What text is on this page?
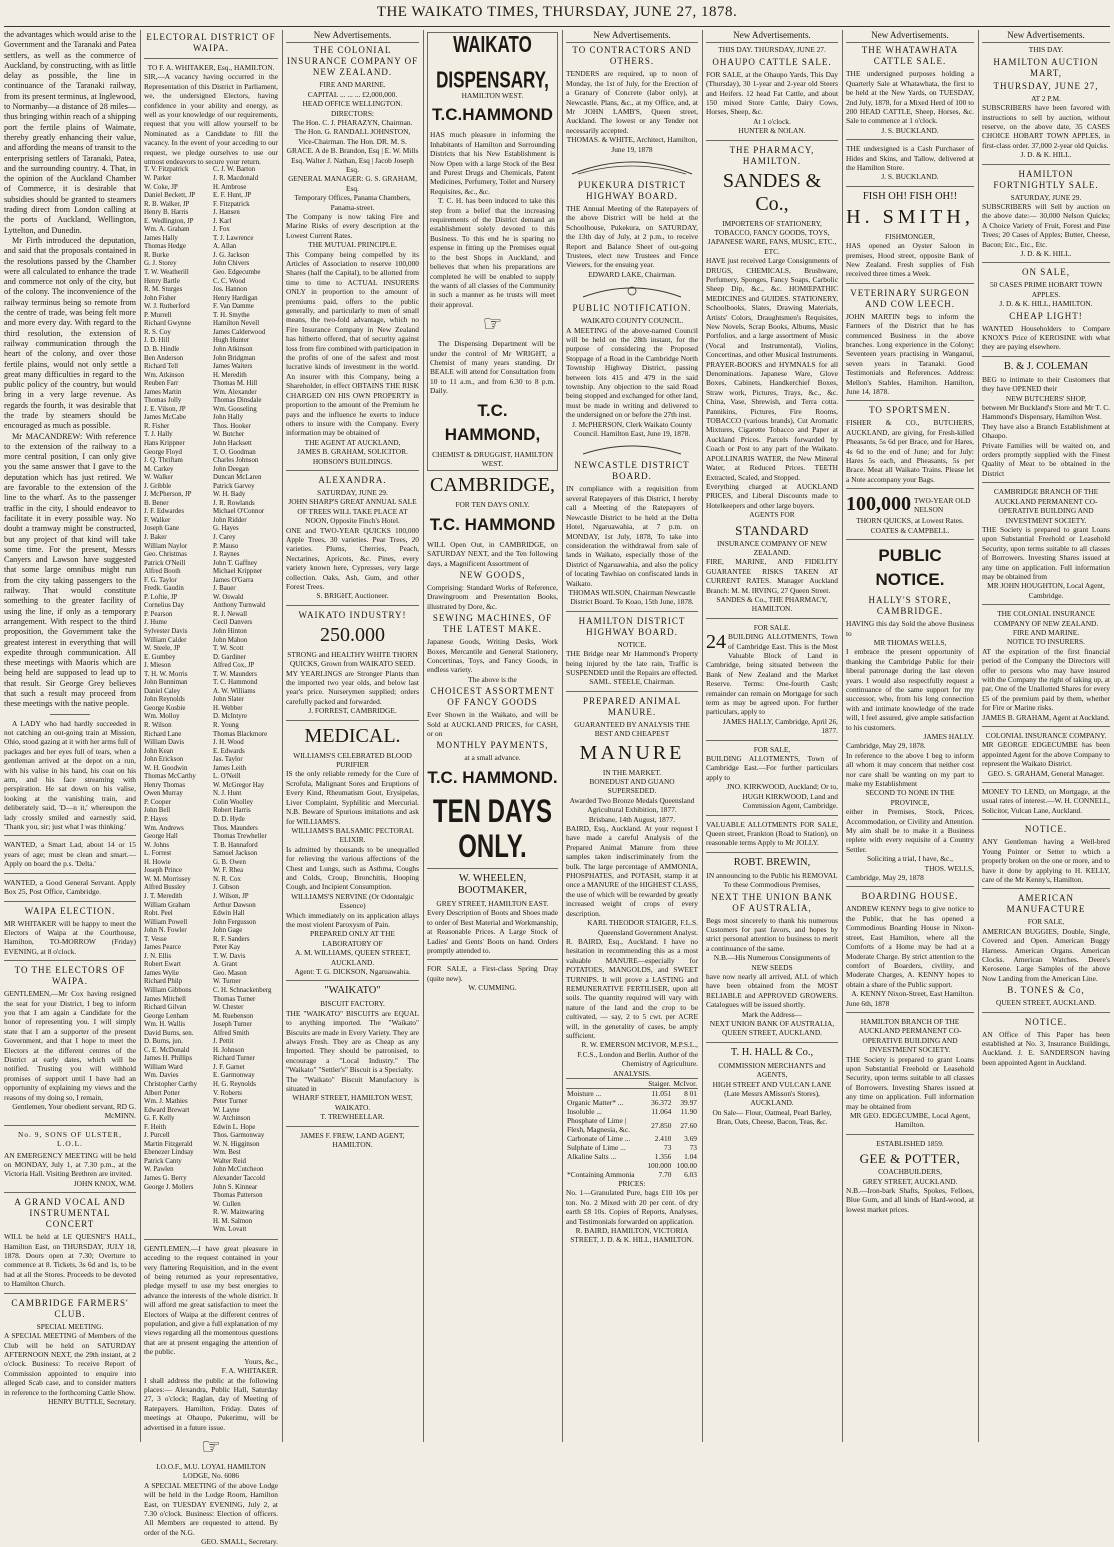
THE WAIKATO TIMES, THURSDAY, JUNE 27, 1878.

the advantages which would arise to the Government and the Taranaki and Patea settlers, as well as the commerce of Auckland, by constructing, with as little delay as possible, the line in continuance of the Taranaki railway, from its present terminus, at Inglewood, to Normanby—a distance of 28 miles—thus bringing within reach of a shipping port the fertile plains of Waimate, thereby greatly enhancing their value, and affording the means of transit to the enterprising settlers of Taranaki, Patea, and the surrounding country. 4. That, in the opinion of the Auckland Chamber of Commerce, it is desirable that subsidies should be granted to steamers trading direct from London calling at the ports of Auckland, Wellington, Lyttelton, and Dunedin.

Mr Firth introduced the deputation, and said that the proposals contained in the resolutions passed by the Chamber were all calculated to enhance the trade and commerce not only of the city, but of the colony. The inconvenience of the railway terminus being so remote from the centre of trade, was being felt more and more every day. With regard to the third resolution, the extension of railway communication through the heart of the colony, and over those fertile plains, would not only settle a great many difficulties in regard to the public policy of the country, but would bring in a very large revenue. As regards the fourth, it was desirable that the trade by steamers should be encouraged as much as possible.

Mr MACANDREW: With reference to the extension of the railway to a more central position, I can only give you the same answer that I gave to the deputation which has just retired. We are favorable to the extension of the line to the wharf. As to the passenger traffic in the city, I should endeavor to facilitate it in every possible way. No doubt a tramway might be constructed, but any project of that kind will take some time. For the present, Messrs Canyers and Lawson have suggested that some large omnibus might run from the city taking passengers to the railway. That would constitute something to the greater facility of using the line, if only as a temporary arrangement. With respect to the third proposition, the Government take the greatest interest in everything that will expedite through communication. All these meetings with Maoris which are being held are supposed to lead up to that result. Sir George Grey believes that such a result may proceed from these meetings with the native people.

A LADY who had hardly succeeded in not catching an out-going train at Mission, Ohio, stood gazing at it with her arms full of packages and her eyes full of tears, when a gentleman arrived at the depot on a run, with his valise in his hand, his coat on his arm, and his face streaming with perspiration. He sat down on his valise, looking at the vanishing train, and deliberately said, 'D—n it,' whereupon the lady crossly smiled and earnestly said, 'Thank you, sir; just what I was thinking.'

WANTED, a Smart Lad, about 14 or 15 years of age; must be clean and smart.—Apply on board the p.s. 'Delta.'

WANTED, a Good General Servant. Apply Box 25, Post Office, Cambridge.

WAIPA ELECTION.

MR WHITAKER will be happy to meet the Electors of Waipa at the Courthouse, Hamilton, TO-MORROW (Friday) EVENING, at 8 o'clock.

TO THE ELECTORS OF WAIPA.

GENTLEMEN,—Mr Cox having resigned the seat for your District, I beg to inform you that I am again a Candidate for the honor of representing you. I will simply state that I am a supporter of the present Government, and that I hope to meet the Electors at the different centres of the District at early dates, which will be notified. Trusting you will withhold promises of support until I have had an opportunity of explaining my views and the reasons of my doing so, I remain,

Gentlemen, Your obedient servant, RD G. McMINN.

No. 9, SONS OF ULSTER, L.O.L.

AN EMERGENCY MEETING will be held on MONDAY, July 1, at 7.30 p.m., at the Victoria Hall. Visiting Brethren are invited.

JOHN KNOX, W.M.

A GRAND VOCAL AND INSTRUMENTAL CONCERT

WILL be held at LE QUESNE'S HALL, Hamilton East, on THURSDAY, JULY 18, 1878. Doors open at 7.30; Overture to commence at 8. Tickets, 3s 6d and 1s, to be had at all the Stores. Proceeds to be devoted to Hamilton Church.

CAMBRIDGE FARMERS' CLUB.
SPECIAL MEETING.

A SPECIAL MEETING of Members of the Club will be held on SATURDAY AFTERNOON NEXT, the 29th instant, at 2 o'clock. Business: To receive Report of Commission appointed to enquire into alleged Scab case, and to consider matters in reference to the forthcoming Cattle Show.

HENRY BUTTLE, Secretary.

ELECTORAL DISTRICT OF WAIPA.
TO F. A. WHITAKER, Esq., HAMILTON.

SIR,—A vacancy having occurred in the Representation of this District in Parliament, we, the undersigned Electors, having confidence in your ability and energy, as well as your knowledge of our requirements, request that you will allow yourself to be Nominated as a Candidate to fill the vacancy. In the event of your acceding to our request, we pledge ourselves to use our utmost endeavors to secure your return.

T. V. Fitzpatrick
W. Parker
W. Coke, JP
Daniel Beckett, JP
R. B. Walker, JP
Henry B. Harris
E. Wedlington, JP
Wm. A. Graham
James Hally
Thomas Hedge
R. Burke
G. J. Storey
T. W. Weatherill
Henry Bartle
R. M. Sturges
John Fisher
W. J. Rutherford
P. Murrell
Richard Gwynne
R. S. Coy
J. D. Hill
D. B. Hindle
Ben Anderson
Richard Tell
Wm. Atkinson
Reuben Farr
James Martin
Thomas Jolly
J. E. Vilson, JP
James McCabe
R. Fisher
T. J. Hally
Hans Krippner
George Floyd
J. Q. Thriftam
M. Carkey
W. Walker
J. Gribble
J. McPherson, JP
B. Bener
J. F. Edwardes
F. Walker
Joseph Gane
J. Baker
William Naylor
Geo. Christmas
Patrick O'Neill
Alfred Booth
F. G. Taylor
Fredk. Gaudin
P. Loftie, JP
Cornelius Day
P. Pearson
J. Hume
Sylvester Davis
William Calder
W. Steele, JP
E. Gumbey
J. Mieson
T. H. W. Morris
John Bunniman
Daniel Caley
John Reynolds
George Kosbie
Wm. Molloy
R. Wilson
Richard Lane
William Davis
John Kean
John Erickson
W. H. Goodwin
Thomas McCarthy
Henry Thomas
Owen Murray
P. Cooper
John Bell
P. Hayes
Wm. Andrews
George Hall
W. Johns
L. Forrest
H. Howie
Joseph Prince
W. M. Morrissey
Alfred Bussley
J. T. Meredith
William Graham
Robt. Peel
William Powell
John N. Fowler
T. Vesse
James Pearce
J. N. Ellis
Robert Ewart
James Wylie
Richard Philp
William Gibbons
James Mitchell
Richard Gilvan
George Lenham
Wm. H. Wallis
David Burns, sen.
D. Burns, jun.
C. E. McDonald
James H. Phillips
William Ward
Wm. Davies
Christopher Carthy
Albert Potter
Wm. J. Mathies
Edward Brewart
G. F. Kelly
F. Heith
J. Purcell
Martin Fitzgerald
Ebenezer Lindsay
Patrick Canty
W. Pawlen
James G. Berry
George J. Mollers
C. J. W. Barton
J. R. Macdonald
H. Ambrose
E. F. Hunt, JP
F. Fitzpatrick
J. Hansen
J. Karl
J. Fox
T. J. Lawrence
A. Allan
J. G. Jackson
John Chivers
Geo. Edgecumbe
C. C. Wood
Jos. Hannon
Henry Hardigan
F. Van Damme
T. H. Smythe
Hamilton Nevell
James Calderwood
Hugh Hunter
John Atkinson
John Bridgman
James Waiters
H. Meredith
Thomas M. Hill
Wm. Alexander
Thomas Dinsdale
Wm. Gooseling
John Hally
Thos. Hooker
W. Butcher
John Hacksett
T. O. Goodman
Charles Johnson
John Deegan
Duncan McLaren
Patrick Garvey
W. H. Bady
J. R. Rowlands
Michael O'Connor
John Ridder
G. Hayes
J. Carey
P. Mauso
J. Raynes
John T. Gaffney
Michael Krippner
James O'Garra
J. Bauer
W. Oswald
Anthony Turnwald
R. J. Newall
Cecil Danvers
John Hinton
John Mahon
T. W. Scott
D. Gardiner
Alfred Cox, JP
T. W. Maunders
T. C. Hammond
A. W. Williams
John Slater
H. Webber
D. McIntyre
R. Young
Thomas Blackmore
J. H. Wood
E. Edwards
Jas. Taylor
James Leith
L. O'Neill
W. McGregor Hay
N. J. Hunt
Colin Woolley
Robert Harris
D. D. Hyde
Thos. Maunders
Thomas Trewheller
T. B. Hannaford
Samuel Jackson
G. B. Owen
W. F. Rhea
N. R. Cox
J. Gibson
J. Wilson, JP
Arthur Dawson
Edwin Hall
John Fergusson
John Gage
R. F. Sanders
Peter Kay
T. W. Davis
A. Grant
Geo. Mason
W. Turner
C. H. Schnackenberg
Thomas Turner
W. Chester
M. Ruebenson
Joseph Turner
Alfred Smith
J. Pettit
H. Johnson
Richard Turner
J. F. Garnet
E. Garmonway
H. G. Reynolds
V. Roberts
Peter Turner
W. Layne
W. Atchinson
Edwin L. Hope
Thos. Garmonway
W. N. Higginson
Wm. Best
Walter Reid
John McCutcheon
Alexander Taccold
John S. Kinnear
Thomas Patterson
W. Cullen
R. W. Mainwaring
H. M. Salmon
Wm. Lovatt

GENTLEMEN,—I have great pleasure in acceding to the request contained in your very flattering Requisition, and in the event of being returned as your representative, pledge myself to use my best energies to advance the interests of the whole district. It will afford me great satisfaction to meet the Electors of Waipa at the different centres of population, and give a full explanation of my views regarding all the momentous questions that are at present engaging the attention of the public.

Yours, &c.,

F. A. WHITAKER.

I shall address the public at the following places:— Alexandra, Public Hall, Saturday 27, 3 o'clock; Raglan, day of Meeting of Ratepayers. Hamilton, Friday. Dates of meetings at Ohaupo, Pukerimu, will be advertised in a future issue.

☞
I.O.O.F., M.U. LOYAL HAMILTON LODGE, No. 6086

A SPECIAL MEETING of the above Lodge will be held in the Lodge Room, Hamilton East, on TUESDAY EVENING, July 2, at 7.30 o'clock. Business: Election of officers. All Members are requested to attend. By order of the N.G.

GEO. SMALL, Secretary.

New Advertisements.
THE COLONIAL INSURANCE COMPANY OF NEW ZEALAND.
FIRE AND MARINE.
CAPITAL ... ... ... £2,000,000.
HEAD OFFICE WELLINGTON.
DIRECTORS:

The Hon. C. J. PHARAZYN, Chairman. The Hon. G. RANDALL JOHNSTON, Vice-Chairman. The Hon. DR. M. S. GRACE. A de B. Brandon, Esq | E. W. Mills Esq. Walter J. Nathan, Esq | Jacob Joseph Esq.

GENERAL MANAGER: G. S. GRAHAM, Esq.

Temporary Offices, Panama Chambers, Panama-street.

The Company is now taking Fire and Marine Risks of every description at the Lowest Current Rates.

THE MUTUAL PRINCIPLE.

This Company being compelled by its Articles of Association to reserve 100,000 Shares (half the Capital), to be allotted from time to time to ACTUAL INSURERS ONLY in proportion to the amount of premiums paid, offers to the public generally, and particularly to men of small means, the two-fold advantage, which no Fire Insurance Company in New Zealand has hitherto offered, that of security against loss from fire combined with participation in the profits of one of the safest and most lucrative kinds of investment in the world. An insurer with this Company, being a Shareholder, in effect OBTAINS THE RISK CHARGED ON HIS OWN PROPERTY in proportion to the amount of the Premium he pays and the influence he exerts to induce others to insure with the Company. Every information may be obtained of

THE AGENT AT AUCKLAND,
JAMES B. GRAHAM, SOLICITOR.
HOBSON'S BUILDINGS.
ALEXANDRA.
SATURDAY, JUNE 29.

JOHN SHARP'S GREAT ANNUAL SALE OF TREES WILL TAKE PLACE AT NOON, Opposite Finch's Hotel.

ONE and TWO-YEAR QUICKS 100,000 Apple Trees, 30 varieties. Pear Trees, 20 varieties. Plums, Cherries, Peach, Nectarines, Apricots, &c. Pines, every variety known here, Cypresses, very large collection. Oaks, Ash, Gum, and other Forest Trees.

S. BRIGHT, Auctioneer.
WAIKATO INDUSTRY!
250.000
STRONG and HEALTHY WHITE THORN QUICKS, Grown from WAIKATO SEED.

MY YEARLINGS are Stronger Plants than the imported two year olds, and below last year's price. Nurserymen supplied; orders carefully packed and forwarded.

J. FORREST, CAMBRIDGE.
MEDICAL.
WILLIAMS'S CELEBRATED BLOOD PURIFIER

IS the only reliable remedy for the Cure of Scrofula, Malignant Sores and Eruptions of Every Kind, Rheumatism Gout, Erysipelas, Liver Complaint, Syphilitic and Mercurial. N.B. Beware of Spurious imitations and ask for WILLIAMS'S.

WILLIAMS'S BALSAMIC PECTORAL ELIXIR.

Is admitted by thousands to be unequalled for relieving the various affections of the Chest and Lungs, such as Asthma, Coughs and Colds, Croup, Bronchitis, Hooping Cough, and Incipient Consumption.

WILLIAMS'S NERVINE (Or Odontalgic Essence)

Which immediately on its application allays the most violent Paroxysm of Pain.

PREPARED ONLY AT THE LABORATORY OF
A. M. WILLIAMS, QUEEN STREET, AUCKLAND.
Agent: T. G. DICKSON, Ngaruawahia.
"WAIKATO"
BISCUIT FACTORY.

THE "WAIKATO" BISCUITS are EQUAL to anything imported. The "Waikato" Biscuits are made in Every Variety. They are always Fresh. They are as Cheap as any Imported. They should be patronised, to encourage a "Local Industry." The "Waikato" "Settler's" Biscuit is a Specialty.

The "Waikato" Biscuit Manufactory is situated in

WHARF STREET, HAMILTON WEST, WAIKATO.
T. TREWHEELLAR.
JAMES F. FREW, LAND AGENT, HAMILTON.
WAIKATO DISPENSARY,
HAMILTON WEST.
T.C.HAMMOND

HAS much pleasure in informing the Inhabitants of Hamilton and Surrounding Districts that his New Establishment is Now Open with a large Stock of the Best and Purest Drugs and Chemicals, Patent Medicines, Perfumery, Toilet and Nursery Requisites, &c., &c.

T. C. H. has been induced to take this step from a belief that the increasing requirements of the District demand an establishment solely devoted to this Business. To this end he is sparing no expense in fitting up the Premises equal to the best Shops in Auckland, and believes that when his preparations are completed he will be enabled to supply the wants of all classes of the Community in such a manner as he trusts will meet their approval.

☞

The Dispensing Department will be under the control of Mr WRIGHT, a Chemist of many years standing. Dr BEALE will attend for Consultation from 10 to 11 a.m., and from 6.30 to 8 p.m. Daily.

T.C. HAMMOND,
CHEMIST & DRUGGIST, HAMILTON WEST.
CAMBRIDGE,
FOR TEN DAYS ONLY.
T.C. HAMMOND

WILL Open Out, in CAMBRIDGE, on SATURDAY NEXT, and the Ten following days, a Magnificent Assortment of

NEW GOODS,

Comprising: Standard Works of Reference, Drawingroom and Presentation Books, illustrated by Dore, &c.

SEWING MACHINES, OF THE LATEST MAKE.

Japanese Goods, Writing Desks, Work Boxes, Mercantile and General Stationery, Concertinas, Toys, and Fancy Goods, in endless variety.

The above is the
CHOICEST ASSORTMENT OF FANCY GOODS

Ever Shown in the Waikato, and will be Sold at AUCKLAND PRICES, for CASH, or on

MONTHLY PAYMENTS,
at a small advance.
T.C. HAMMOND.
TEN DAYS ONLY.
W. WHEELEN, BOOTMAKER,
GREY STREET, HAMILTON EAST.

Every Description of Boots and Shoes made to order of Best Material and Workmanship, at Reasonable Prices. A Large Stock of Ladies' and Gents' Boots on hand. Orders promptly attended to.

FOR SALE, a First-class Spring Dray (quite new).

W. CUMMING.
New Advertisements.
TO CONTRACTORS AND OTHERS.

TENDERS are required, up to noon of Monday, the 1st of July, for the Erection of a Granary of Concrete (labor only), at Newcastle. Plans, &c., at my Office, and, at Mr JOHN LAMB'S, Queen street, Auckland. The lowest or any Tender not necessarily accepted.

THOMAS. & WHITE, Architect, Hamilton, June 19, 1878
PUKEKURA DISTRICT HIGHWAY BOARD.

THE Annual Meeting of the Ratepayers of the above District will be held at the Schoolhouse, Pukekura, on SATURDAY, the 13th day of July, at 2 p.m., to receive Report and Balance Sheet of out-going Trustees, elect new Trustees and Fence Viewers, for the ensuing year.

EDWARD LAKE, Chairman.
PUBLIC NOTIFICATION.
WAIKATO COUNTY COUNCIL.

A MEETING of the above-named Council will be held on the 28th instant, for the purpose of considering the Proposed Stoppage of a Road in the Cambridge North Township Highway District, passing between lots 415 and 479 in the said township. Any objection to the said Road being stopped and exchanged for other land, must be made in writing and delivered to the undersigned on or before the 27th inst.

J. McPHERSON, Clerk Waikato County Council. Hamilton East, June 19, 1878.
NEWCASTLE DISTRICT BOARD.

IN compliance with a requisition from several Ratepayers of this District, I hereby call a Meeting of the Ratepayers of Newcastle District to be held at the Delta Hotel, Ngaruawahia, at 7 p.m. on MONDAY, 1st July, 1878, To take into consideration the withdrawal from sale of lands in Waikato, especially those of the District of Ngaruawahia, and also the policy of locating Tawhiao on confiscated lands in Waikato.

THOMAS WILSON, Chairman Newcastle District Board. Te Koao, 15th June, 1878.
HAMILTON DISTRICT HIGHWAY BOARD.
NOTICE.

THE Bridge near Mr Hammond's Property being injured by the late rain, Traffic is SUSPENDED until the Repairs are effected.

SAML. STEELE, Chairman.
PREPARED ANIMAL MANURE.
GUARANTEED BY ANALYSIS THE BEST AND CHEAPEST
MANURE
IN THE MARKET.
BONEDUST AND GUANO SUPERSEDED.

Awarded Two Bronze Medals Queensland Agricultural Exhibition, 1877.

Brisbane, 14th August, 1877.

BAIRD, Esq., Auckland. At your request I have made a careful Analysis of the Prepared Animal Manure from three samples taken indiscriminately from the bulk. The large percentage of AMMONIA, PHOSPHATES, and POTASH, stamp it at once a MANURE of the HIGHEST CLASS, the use of which will be rewarded by greatly increased weight of crops of every description.

KARL THEODOR STAIGER, F.L.S. Queensland Government Analyst.

R. BAIRD, Esq., Auckland. I have no hesitation in recommending this as a most valuable MANURE—especially for POTATOES, MANGOLDS, and SWEET TURNIPS. It will prove a LASTING and REMUNERATIVE FERTILISER, upon all soils. The quantity required will vary with nature of the land and the crop to be cultivated, — say, 2 to 5 cwt. per ACRE will, in the generality of cases, be amply sufficient.

R. W. EMERSON MCIVOR, M.P.S.L., F.C.S., London and Berlin. Author of the Chemistry of Agriculture.

ANALYSIS.
	Staiger.	McIvor.
Moisture ...	11.051	8 01
Organic Matter* ...	36.372	39.97
Insoluble ...	11.064	11.90
Phosphate of Lime | Flesh, Magnesia, &c.	27.850	27.60
Carbonate of Lime ...	2.410	3.69
Sulphate of Lime ...	73	73
Alkaline Salts ...	1.356	1.04
	100.000	100.00
*Containing Ammonia	7.70	6.03
PRICES:

No. 1—Granulated Pure, bags £10 10s per ton. No. 2 Mixed with 20 per cent. of dry earth £8 10s. Copies of Reports, Analyses, and Testimonials forwarded on application.

R. BAIRD, HAMILTON, VICTORIA STREET, J. D. & K. HILL, HAMILTON.
New Advertisements.
THIS DAY. THURSDAY, JUNE 27.
OHAUPO CATTLE SALE.

FOR SALE, at the Ohaupo Yards, This Day (Thursday), 30 1-year and 2-year old Steers and Heifers. 12 head Fat Cattle, and about 150 mixed Store Cattle, Dairy Cows, Horses, Sheep, &c.

At 1 o'clock.
HUNTER & NOLAN.
THE PHARMACY, HAMILTON.
SANDES & Co.,

IMPORTERS OF STATIONERY, TOBACCO, FANCY GOODS, TOYS, JAPANESE WARE, FANS, MUSIC, ETC., ETC.

HAVE just received Large Consignments of DRUGS, CHEMICALS, Brushware, Perfumery, Sponges, Fancy Soaps, Carbolic Sheep Dip, &c., &c. HOMŒPATHIC MEDICINES and GUIDES. STATIONERY, Schoolbooks, Slates, Drawing Materials, Artists' Colors, Draughtsmen's Requisites, New Novels, Scrap Books, Albums, Music Portfolios, and a large assortment of Music (Vocal and Instrumental), Violins, Concertinas, and other Musical Instruments. PRAYER-BOOKS and HYMNALS for all Denominations. Japanese Ware, Glove Boxes, Cabinets, Handkerchief Boxes, Straw work, Pictures, Trays, &c., &c. China, Vase, Shrewish, and Terra cotta. Pannikins, Pictures, Fire Rooms, TOBACCO (various brands), Cut Aromatic Mixtures, Cigarette Tobacco and Paper at Auckland Prices. Parcels forwarded by Coach or Post to any part of the Waikato. APOLLINARIS WATER, the New Mineral Water, at Reduced Prices. TEETH Extracted, Scaled, and Stopped.

Everything charged at AUCKLAND PRICES, and Liberal Discounts made to Hotelkeepers and other large buyers.

AGENTS FOR
STANDARD
INSURANCE COMPANY OF NEW ZEALAND.

FIRE, MARINE, AND FIDELITY GUARANTEE RISKS TAKEN AT CURRENT RATES. Manager Auckland Branch: M. M. IRVING, 27 Queen Street.

SANDES & Co., THE PHARMACY, HAMILTON.
FOR SALE.
24 BUILDING ALLOTMENTS, Town of Cambridge East. This is the Most Valuable Block of Land in Cambridge, being situated between the Bank of New Zealand and the Market Reserve. Terms: One-fourth Cash; remainder can remain on Mortgage for such term as may be agreed upon. For further particulars, apply to

JAMES HALLY, Cambridge, April 26, 1877.

FOR SALE,

BUILDING ALLOTMENTS, Town of Cambridge East.—For further particulars apply to

JNO. KIRKWOOD, Auckland; Or to, HUGH KIRKWOOD, Land and Commission Agent, Cambridge.

VALUABLE ALLOTMENTS FOR SALE, Queen street, Frankton (Road to Station), on reasonable terms Apply to Mr JOLLY.

ROBT. BREWIN,

IN announcing to the Public his REMOVAL

To these Commodious Premises,
NEXT THE UNION BANK OF AUSTRALIA,

Begs most sincerely to thank his numerous Customers for past favors, and hopes by strict personal attention to business to merit a continuance of the same.

N.B.—His Numerous Consignments of NEW SEEDS

have now nearly all arrived, ALL of which have been obtained from the MOST RELIABLE and APPROVED GROWERS. Catalogues will be issued shortly.

Mark the Address—
NEXT UNION BANK OF AUSTRALIA, QUEEN STREET, AUCKLAND.
T. H. HALL & Co.,
COMMISSION MERCHANTS and AGENTS,

HIGH STREET AND VULCAN LANE (Late Messrs AMisson's Stores), AUCKLAND.

On Sale— Flour, Oatmeal, Pearl Barley, Bran, Oats, Cheese, Bacon, Teas, &c.

New Advertisements.
THE WHATAWHATA CATTLE SALE.

THE undersigned purposes holding a Quarterly Sale at Whatawhata, the first to be held at the New Yards, on TUESDAY, 2nd July, 1878, for a Mixed Herd of 100 to 200 HEAD CATTLE, Sheep, Horses, &c. Sale to commence at 1 o'clock.

J. S. BUCKLAND.

THE undersigned is a Cash Purchaser of Hides and Skins, and Tallow, delivered at the Hamilton Store.

J. S. BUCKLAND.
FISH OH! FISH OH!!
H. SMITH,
FISHMONGER,

HAS opened an Oyster Saloon in premises, Hood street, opposite Bank of New Zealand. Fresh supplies of Fish received three times a Week.

VETERINARY SURGEON AND COW LEECH.

JOHN MARTIN begs to inform the Farmers of the District that he has commenced Business in the above branches. Long experience in the Colony; Seventeen years practising in Wanganui, seven years in Taranaki. Good Testimonials and References. Address: Mellon's Stables, Hamilton. Hamilton, June 14, 1878.

TO SPORTSMEN.

FISHER & CO., BUTCHERS, AUCKLAND, are giving, for Fresh-killed Pheasants, 5s 6d per Brace, and for Hares, 4s 6d to the end of June; and for July: Hares 5s each, and Pheasants, 5s per Brace. Meat all Waikato Trains. Please let a Note accompany your Bags.

100,000 TWO-YEAR OLD NELSON
THORN QUICKS, at Lowest Rates.
COATES & CAMPBELL.
PUBLIC NOTICE.
HALLY'S STORE, CAMBRIDGE.

HAVING this day Sold the above Business to

MR THOMAS WELLS,

I embrace the present opportunity of thanking the Cambridge Public for their liberal patronage during the last eleven years. I would also respectfully request a continuance of the same support for my successor, who, from his long connection with and intimate knowledge of the trade will, I feel assured, give ample satisfaction to his customers.

JAMES HALLY.
Cambridge, May 29, 1878.

In reference to the above I beg to inform all whom it may concern that neither cost nor care shall be wanting on my part to make my Establishment

SECOND TO NONE IN THE PROVINCE,

either in Premises, Stock, Prices, Accommodation, or Civility and Attention. My aim shall be to make it a Business replete with every requisite of a Country Settler.

Soliciting a trial, I have, &c.,
THOS. WELLS,
Cambridge, May 29, 1878
BOARDING HOUSE.

ANDREW KENNY begs to give notice to the Public, that he has opened a Commodious Boarding House in Nixon-street, East Hamilton, where all the Comforts of a Home may be had at a Moderate Charge. By strict attention to the comfort of Boarders, civility, and Moderate Charges, A. KENNY hopes to obtain a share of the Public support.

A. KENNY Nixon-Street, East Hamilton.
June 6th, 1878

HAMILTON BRANCH OF THE AUCKLAND PERMANENT CO-OPERATIVE BUILDING AND INVESTMENT SOCIETY.

THE Society is prepared to grant Loans upon Substantial Freehold or Leasehold Security, upon terms suitable to all classes of Borrowers. Investing Shares issued at any time on application. Full information may be obtained from

MR GEO. EDGECUMBE, Local Agent, Hamilton.
ESTABLISHED 1859.
GEE & POTTER,
COACHBUILDERS,
GREY STREET, AUCKLAND.

N.B.—Iron-bark Shafts, Spokes, Felloes, Blue Gum, and all kinds of Hard-wood, at lowest market prices.

New Advertisements.
THIS DAY.
HAMILTON AUCTION MART,
THURSDAY, JUNE 27,
AT 2 P.M.

SUBSCRIBERS have been favored with instructions to sell by auction, without reserve, on the above date, 35 CASES CHOICE HOBART TOWN APPLES, in first-class order. 37,000 2-year old Quicks.

J. D. & K. HILL.
HAMILTON FORTNIGHTLY SALE.
SATURDAY, JUNE 29.

SUBSCRIBERS will Sell by auction on the above date:— 30,000 Nelson Quicks; A Choice Variety of Fruit, Forest and Pine Trees; 20 Cases of Apples; Butter, Cheese, Bacon; Etc., Etc., Etc.

J. D. & K. HILL.
ON SALE,
50 CASES PRIME HOBART TOWN APPLES.
J. D. & K. HILL, HAMILTON.
CHEAP LIGHT!

WANTED Householders to Compare KNOX'S Price of KEROSINE with what they are paying elsewhere.

B. & J. COLEMAN

BEG to intimate to their Customers that they have OPENED their

NEW BUTCHERS' SHOP,

between Mr Buckland's Store and Mr T. C. Hammond's Dispensary, Hamilton West.

They have also a Branch Establishment at Ohaupo.

Private Families will be waited on, and orders promptly supplied with the Finest Quality of Meat to be obtained in the District

CAMBRIDGE BRANCH OF THE AUCKLAND PERMANENT CO-OPERATIVE BUILDING AND INVESTMENT SOCIETY.

THE Society is prepared to grant Loans upon Substantial Freehold or Leasehold Security, upon terms suitable to all classes of Borrowers. Investing Shares issued at any time on application. Full information may be obtained from

MR JOHN HOUGHTON, Local Agent, Cambridge.

THE COLONIAL INSURANCE COMPANY OF NEW ZEALAND.

FIRE AND MARINE.
NOTICE TO INSURERS.

AT the expiration of the first financial period of the Company the Directors will offer to persons who may have insured with the Company the right of taking up, at par, One of the Unallotted Shares for every £5 of the premium paid by them, whether for Fire or Marine risks.

JAMES B. GRAHAM, Agent at Auckland.

COLONIAL INSURANCE COMPANY.

MR GEORGE EDGECUMBE has been appointed Agent for the above Company to represent the Waikato District.

GEO. S. GRAHAM, General Manager.

MONEY TO LEND, on Mortgage, at the usual rates of interest.—W. H. CONNELL, Solicitor, Vulcan Lane, Auckland.

NOTICE.

ANY Gentleman having a Well-bred Young Pointer or Setter to which a properly broken on the one or more, and to have it done by applying to H. KELLY, care of the Mr Kenny's, Hamilton.

AMERICAN MANUFACTURE
FOR SALE,

AMERICAN BUGGIES, Double, Single, Covered and Open. American Buggy Harness. American Organs. American Clocks. American Watches. Deere's Kerosene. Large Samples of the above Now Landing from the American Line.

B. TONES & Co,
QUEEN STREET, AUCKLAND.
NOTICE.

AN Office of This Paper has been established at No. 3, Insurance Buildings, Auckland. J. E. SANDERSON having been appointed Agent in Auckland.
